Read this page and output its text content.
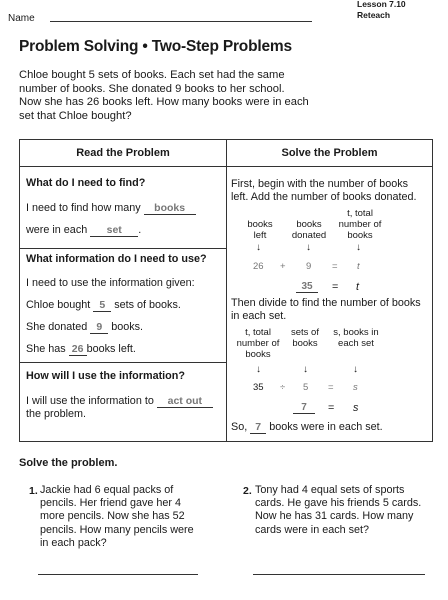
Name
Lesson 7.10
Reteach
Problem Solving • Two-Step Problems
Chloe bought 5 sets of books. Each set had the same number of books. She donated 9 books to her school. Now she has 26 books left. How many books were in each set that Chloe bought?
Read the Problem	Solve the Problem
What do I need to find?
I need to find how many books
were in each set .
What information do I need to use?
I need to use the information given:
Chloe bought 5 sets of books.
She donated 9 books.
She has 26 books left.
How will I use the information?
I will use the information to act out the problem.
First, begin with the number of books left. Add the number of books donated.
books left
books donated
t, total number of books
↓	↓	↓
26 + 9 = t
35	= t
Then divide to find the number of books in each set.
t, total number of books
sets of books
s, books in each set
↓	↓	↓
35 ÷ 5 = s
7	= s
So, 7 books were in each set.
Solve the problem.
1. Jackie had 6 equal packs of pencils. Her friend gave her 4 more pencils. Now she has 52 pencils. How many pencils were in each pack?
2. Tony had 4 equal sets of sports cards. He gave his friends 5 cards. Now he has 31 cards. How many cards were in each set?
